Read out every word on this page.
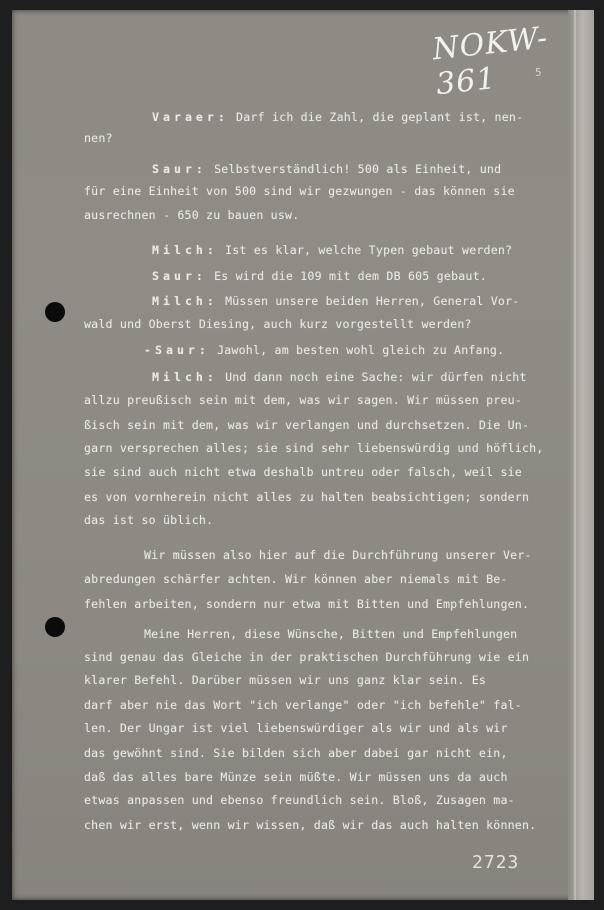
NOKW-361	5
Varaer: Darf ich die Zahl, die geplant ist, nen-
nen?
Saur: Selbstverständlich! 500 als Einheit, und
für eine Einheit von 500 sind wir gezwungen - das können sie
ausrechnen - 650 zu bauen usw.
Milch: Ist es klar, welche Typen gebaut werden?
Saur: Es wird die 109 mit dem DB 605 gebaut.
Milch: Müssen unsere beiden Herren, General Vor-
wald und Oberst Diesing, auch kurz vorgestellt werden?
-Saur: Jawohl, am besten wohl gleich zu Anfang.
Milch: Und dann noch eine Sache: wir dürfen nicht
allzu preußisch sein mit dem, was wir sagen. Wir müssen preu-
ßisch sein mit dem, was wir verlangen und durchsetzen. Die Un-
garn versprechen alles; sie sind sehr liebenswürdig und höflich,
sie sind auch nicht etwa deshalb untreu oder falsch, weil sie
es von vornherein nicht alles zu halten beabsichtigen; sondern
das ist so üblich.
Wir müssen also hier auf die Durchführung unserer Ver-
abredungen schärfer achten. Wir können aber niemals mit Be-
fehlen arbeiten, sondern nur etwa mit Bitten und Empfehlungen.
Meine Herren, diese Wünsche, Bitten und Empfehlungen
sind genau das Gleiche in der praktischen Durchführung wie ein
klarer Befehl. Darüber müssen wir uns ganz klar sein. Es
darf aber nie das Wort "ich verlange" oder "ich befehle" fal-
len. Der Ungar ist viel liebenswürdiger als wir und als wir
das gewöhnt sind. Sie bilden sich aber dabei gar nicht ein,
daß das alles bare Münze sein müßte. Wir müssen uns da auch
etwas anpassen und ebenso freundlich sein. Bloß, Zusagen ma-
chen wir erst, wenn wir wissen, daß wir das auch halten können.
2723
